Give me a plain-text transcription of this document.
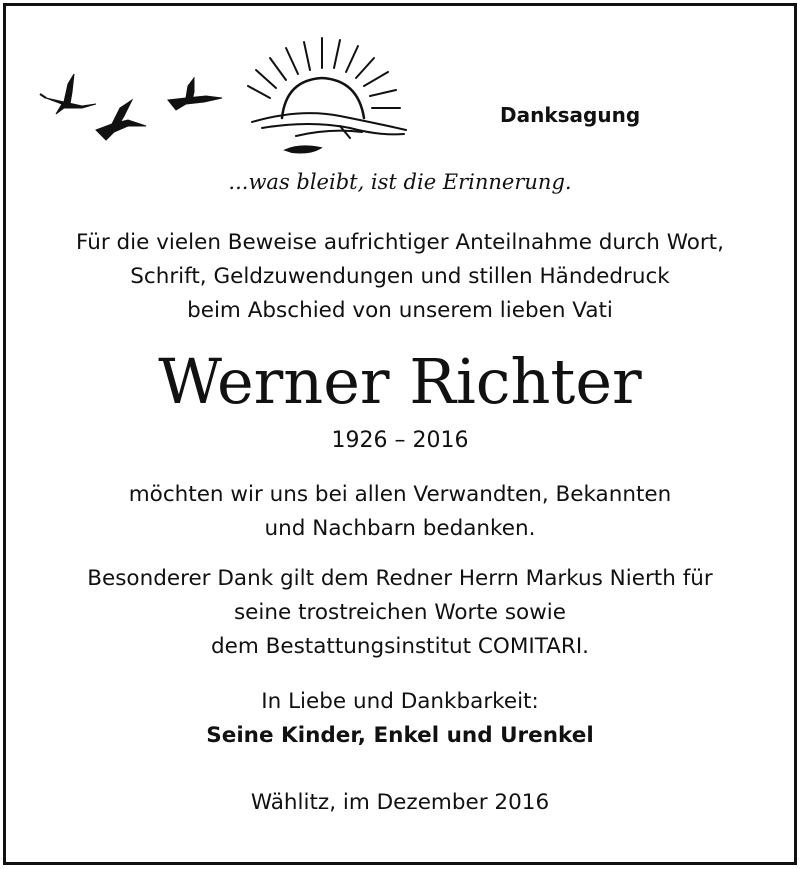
Danksagung
...was bleibt, ist die Erinnerung.
Für die vielen Beweise aufrichtiger Anteilnahme durch Wort,
Schrift, Geldzuwendungen und stillen Händedruck
beim Abschied von unserem lieben Vati
Werner Richter
1926 – 2016
möchten wir uns bei allen Verwandten, Bekannten
und Nachbarn bedanken.
Besonderer Dank gilt dem Redner Herrn Markus Nierth für
seine trostreichen Worte sowie
dem Bestattungsinstitut COMITARI.
In Liebe und Dankbarkeit:
Seine Kinder, Enkel und Urenkel
Wählitz, im Dezember 2016
